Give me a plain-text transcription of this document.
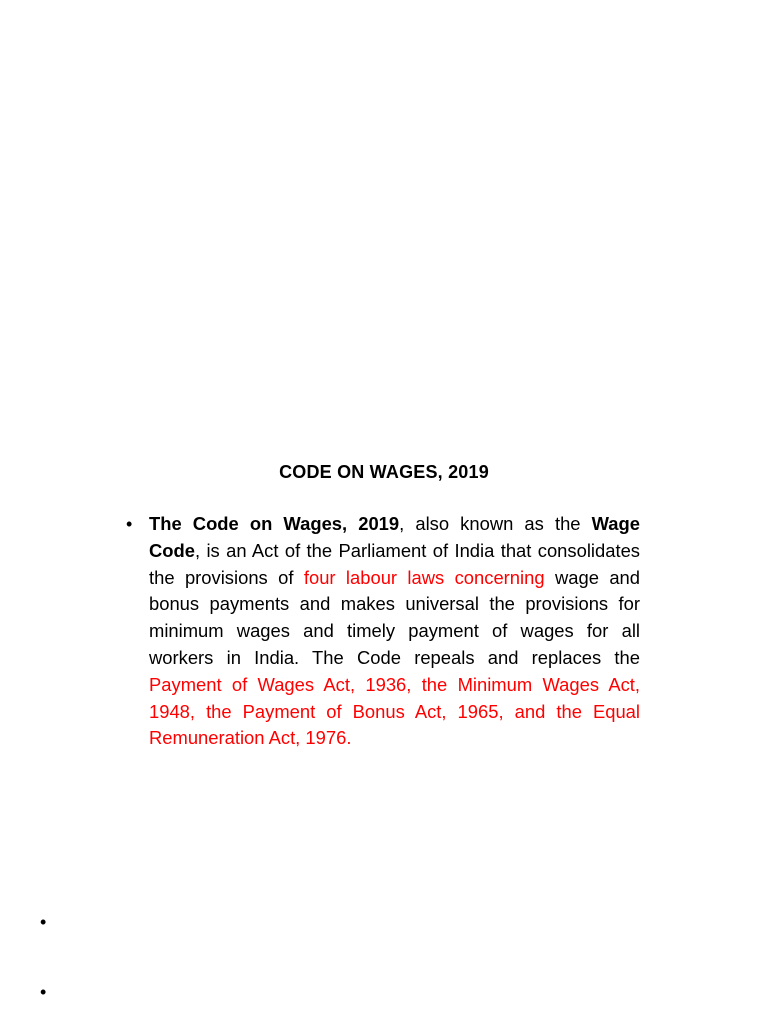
CODE ON WAGES, 2019
• The Code on Wages, 2019, also known as the Wage Code, is an Act of the Parliament of India that consolidates the provisions of four labour laws concerning wage and bonus payments and makes universal the provisions for minimum wages and timely payment of wages for all workers in India. The Code repeals and replaces the Payment of Wages Act, 1936, the Minimum Wages Act, 1948, the Payment of Bonus Act, 1965, and the Equal Remuneration Act, 1976.
•
•
